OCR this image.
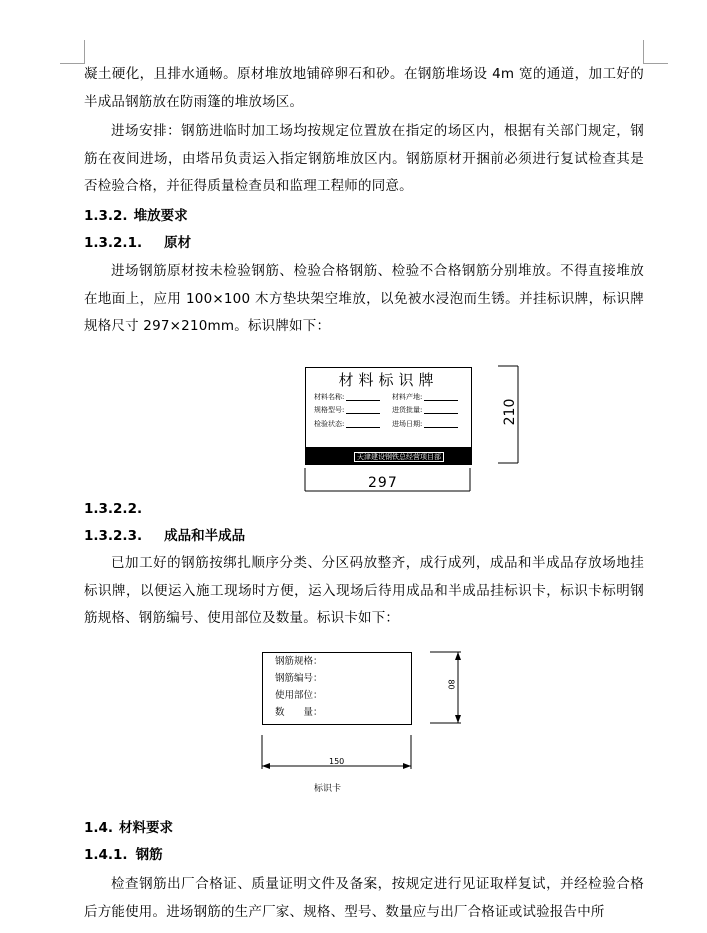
凝土硬化，且排水通畅。原材堆放地铺碎卵石和砂。在钢筋堆场设 4m 宽的通道，加工好的半成品钢筋放在防雨篷的堆放场区。

进场安排：钢筋进临时加工场均按规定位置放在指定的场区内，根据有关部门规定，钢筋在夜间进场，由塔吊负责运入指定钢筋堆放区内。钢筋原材开捆前必须进行复试检查其是否检验合格，并征得质量检查员和监理工程师的同意。

1.3.2. 堆放要求
1.3.2.1. 原材

进场钢筋原材按未检验钢筋、检验合格钢筋、检验不合格钢筋分别堆放。不得直接堆放在地面上，应用 100×100 木方垫块架空堆放，以免被水浸泡而生锈。并挂标识牌，标识牌规格尺寸 297×210mm。标识牌如下：

材料标识牌
材料名称:	材料产地:
规格型号:	进货批量:
检验状态:	进场日期:
天津建设钢铁总经营项目部
210
297
1.3.2.2.
1.3.2.3. 成品和半成品

已加工好的钢筋按绑扎顺序分类、分区码放整齐，成行成列，成品和半成品存放场地挂标识牌，以便运入施工现场时方便，运入现场后待用成品和半成品挂标识卡，标识卡标明钢筋规格、钢筋编号、使用部位及数量。标识卡如下：

钢筋规格：
钢筋编号：
使用部位：
数　　量：
80
150
标识卡
1.4. 材料要求
1.4.1. 钢筋

检查钢筋出厂合格证、质量证明文件及备案，按规定进行见证取样复试，并经检验合格后方能使用。进场钢筋的生产厂家、规格、型号、数量应与出厂合格证或试验报告中所
